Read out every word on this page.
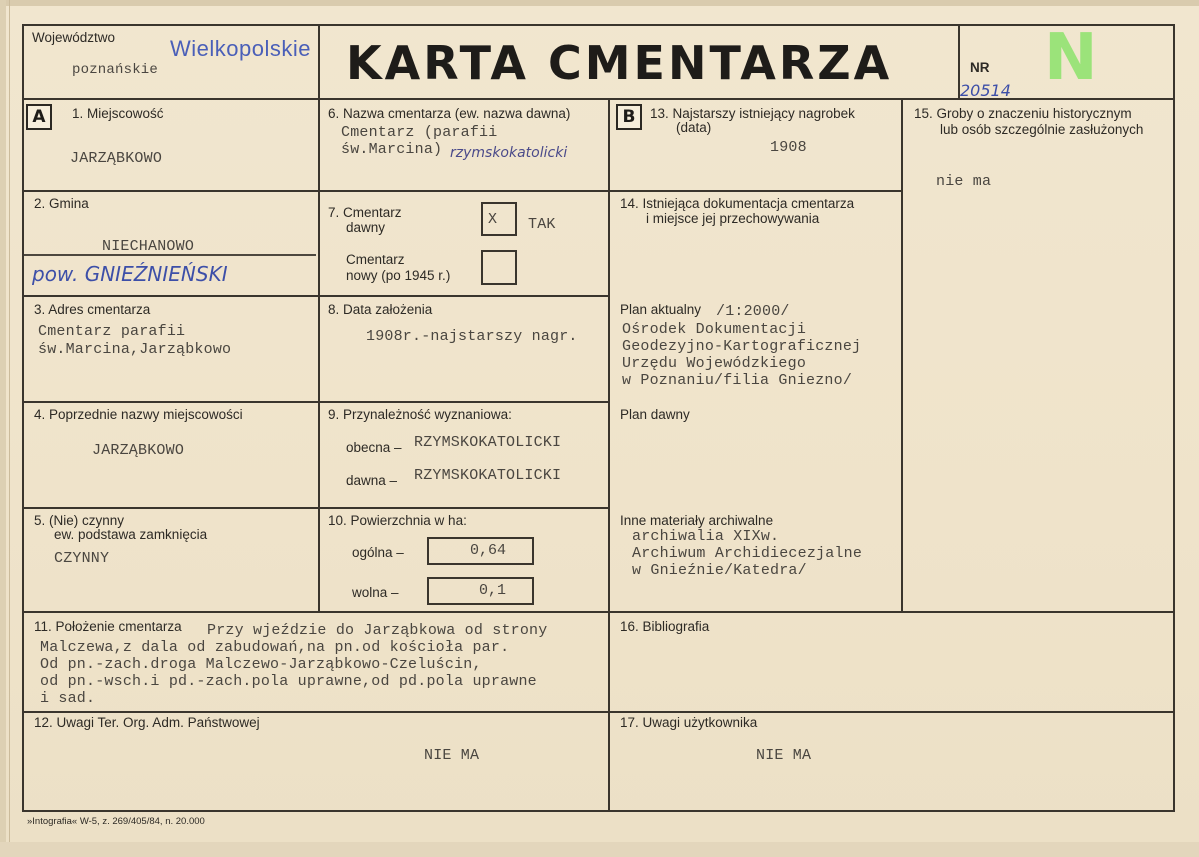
Województwo Wielkopolskie
poznańskie	KARTA CMENTARZA	NR
20514 N
A	1. Miejscowość
JARZĄBKOWO
2. Gmina
NIECHANOWO
pow. GNIEŹNIEŃSKI
3. Adres cmentarza
Cmentarz parafii
św.Marcina,Jarząbkowo
4. Poprzednie nazwy miejscowości
JARZĄBKOWO
5. (Nie) czynny
ew. podstawa zamknięcia
CZYNNY
6. Nazwa cmentarza (ew. nazwa dawna)
Cmentarz (parafii
św.Marcina) rzymskokatolicki
7. Cmentarz
dawny	X TAK
Cmentarz
nowy (po 1945 r.)
8. Data założenia
1908r.-najstarszy nagr.
9. Przynależność wyznaniowa:
obecna – RZYMSKOKATOLICKI
dawna – RZYMSKOKATOLICKI
10. Powierzchnia w ha:
ogólna –	0,64
wolna –	0,1
11. Położenie cmentarza Przy wjeździe do Jarząbkowa od strony
Malczewa,z dala od zabudowań,na pn.od kościoła par.
Od pn.-zach.droga Malczewo-Jarząbkowo-Czeluścin,
od pn.-wsch.i pd.-zach.pola uprawne,od pd.pola uprawne
i sad.
12. Uwagi Ter. Org. Adm. Państwowej
NIE MA
B	13. Najstarszy istniejący nagrobek
(data)
1908
14. Istniejąca dokumentacja cmentarza
i miejsce jej przechowywania
Plan aktualny /1:2000/
Ośrodek Dokumentacji
Geodezyjno-Kartograficznej
Urzędu Wojewódzkiego
w Poznaniu/filia Gniezno/
Plan dawny
Inne materiały archiwalne
archiwalia XIXw.
Archiwum Archidiecezjalne
w Gnieźnie/Katedra/
15. Groby o znaczeniu historycznym
lub osób szczególnie zasłużonych
nie ma
16. Bibliografia
17. Uwagi użytkownika
NIE MA
»Intografia« W-5, z. 269/405/84, n. 20.000
